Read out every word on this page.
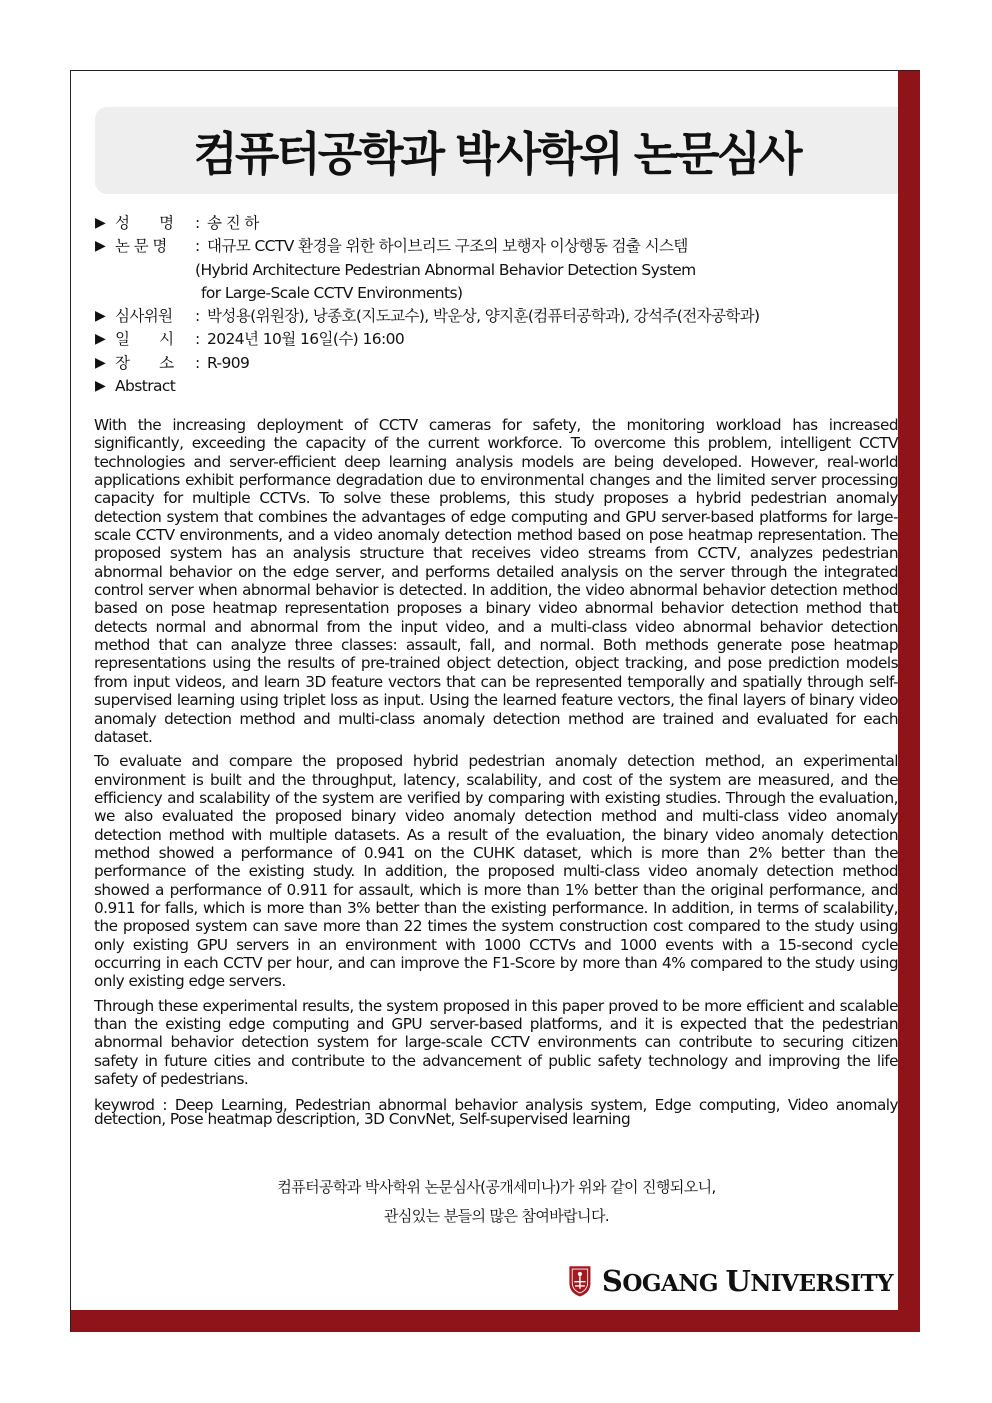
컴퓨터공학과 박사학위 논문심사
▶ 성　　명	: 송 진 하
▶ 논 문 명	: 대규모 CCTV 환경을 위한 하이브리드 구조의 보행자 이상행동 검출 시스템
(Hybrid Architecture Pedestrian Abnormal Behavior Detection System
for Large-Scale CCTV Environments)
▶ 심사위원	: 박성용(위원장), 낭종호(지도교수), 박운상, 양지훈(컴퓨터공학과), 강석주(전자공학과)
▶ 일　　시	: 2024년 10월 16일(수) 16:00
▶ 장　　소	: R-909
▶ Abstract

With the increasing deployment of CCTV cameras for safety, the monitoring workload has increased significantly, exceeding the capacity of the current workforce. To overcome this problem, intelligent CCTV technologies and server-efficient deep learning analysis models are being developed. However, real-world applications exhibit performance degradation due to environmental changes and the limited server processing capacity for multiple CCTVs. To solve these problems, this study proposes a hybrid pedestrian anomaly detection system that combines the advantages of edge computing and GPU server-based platforms for large-scale CCTV environments, and a video anomaly detection method based on pose heatmap representation. The proposed system has an analysis structure that receives video streams from CCTV, analyzes pedestrian abnormal behavior on the edge server, and performs detailed analysis on the server through the integrated control server when abnormal behavior is detected. In addition, the video abnormal behavior detection method based on pose heatmap representation proposes a binary video abnormal behavior detection method that detects normal and abnormal from the input video, and a multi-class video abnormal behavior detection method that can analyze three classes: assault, fall, and normal. Both methods generate pose heatmap representations using the results of pre-trained object detection, object tracking, and pose prediction models from input videos, and learn 3D feature vectors that can be represented temporally and spatially through self-supervised learning using triplet loss as input. Using the learned feature vectors, the final layers of binary video anomaly detection method and multi-class anomaly detection method are trained and evaluated for each dataset.

To evaluate and compare the proposed hybrid pedestrian anomaly detection method, an experimental environment is built and the throughput, latency, scalability, and cost of the system are measured, and the efficiency and scalability of the system are verified by comparing with existing studies. Through the evaluation, we also evaluated the proposed binary video anomaly detection method and multi-class video anomaly detection method with multiple datasets. As a result of the evaluation, the binary video anomaly detection method showed a performance of 0.941 on the CUHK dataset, which is more than 2% better than the performance of the existing study. In addition, the proposed multi-class video anomaly detection method showed a performance of 0.911 for assault, which is more than 1% better than the original performance, and 0.911 for falls, which is more than 3% better than the existing performance. In addition, in terms of scalability, the proposed system can save more than 22 times the system construction cost compared to the study using only existing GPU servers in an environment with 1000 CCTVs and 1000 events with a 15-second cycle occurring in each CCTV per hour, and can improve the F1-Score by more than 4% compared to the study using only existing edge servers.

Through these experimental results, the system proposed in this paper proved to be more efficient and scalable than the existing edge computing and GPU server-based platforms, and it is expected that the pedestrian abnormal behavior detection system for large-scale CCTV environments can contribute to securing citizen safety in future cities and contribute to the advancement of public safety technology and improving the life safety of pedestrians.

keywrod : Deep Learning, Pedestrian abnormal behavior analysis system, Edge computing, Video anomaly detection, Pose heatmap description, 3D ConvNet, Self-supervised learning
컴퓨터공학과 박사학위 논문심사(공개세미나)가 위와 같이 진행되오니,
관심있는 분들의 많은 참여바랍니다.
SOGANG UNIVERSITY
